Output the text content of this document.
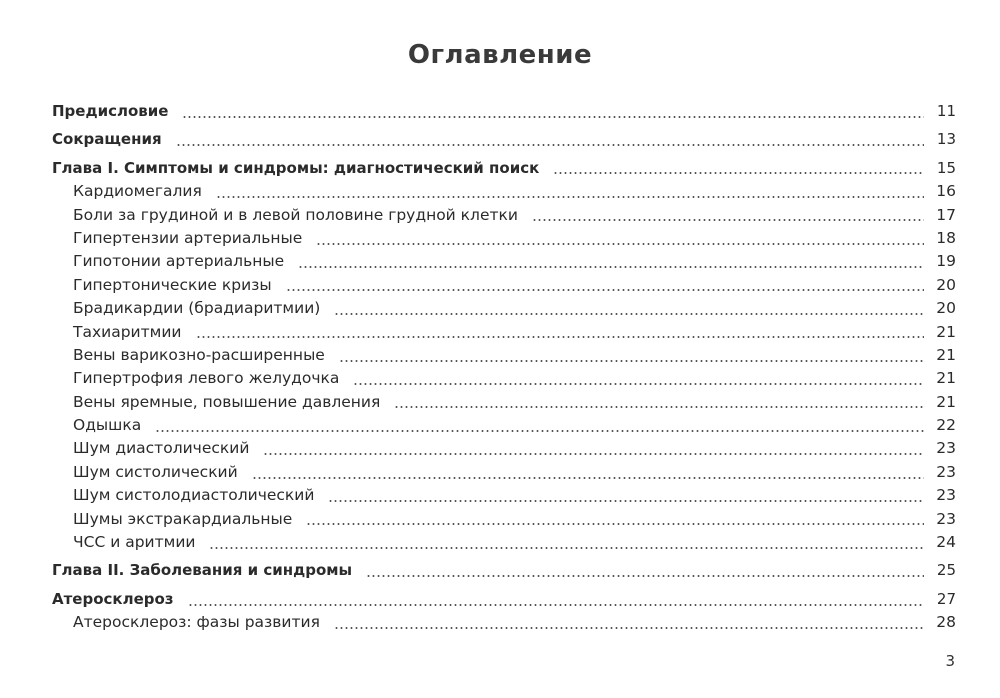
Оглавление
Предисловие	11
Сокращения	13
Глава I. Симптомы и синдромы: диагностический поиск	15
Кардиомегалия	16
Боли за грудиной и в левой половине грудной клетки	17
Гипертензии артериальные	18
Гипотонии артериальные	19
Гипертонические кризы	20
Брадикардии (брадиаритмии)	20
Тахиаритмии	21
Вены варикозно-расширенные	21
Гипертрофия левого желудочка	21
Вены яремные, повышение давления	21
Одышка	22
Шум диастолический	23
Шум систолический	23
Шум систолодиастолический	23
Шумы экстракардиальные	23
ЧСС и аритмии	24
Глава II. Заболевания и синдромы	25
Атеросклероз	27
Атеросклероз: фазы развития	28
3
